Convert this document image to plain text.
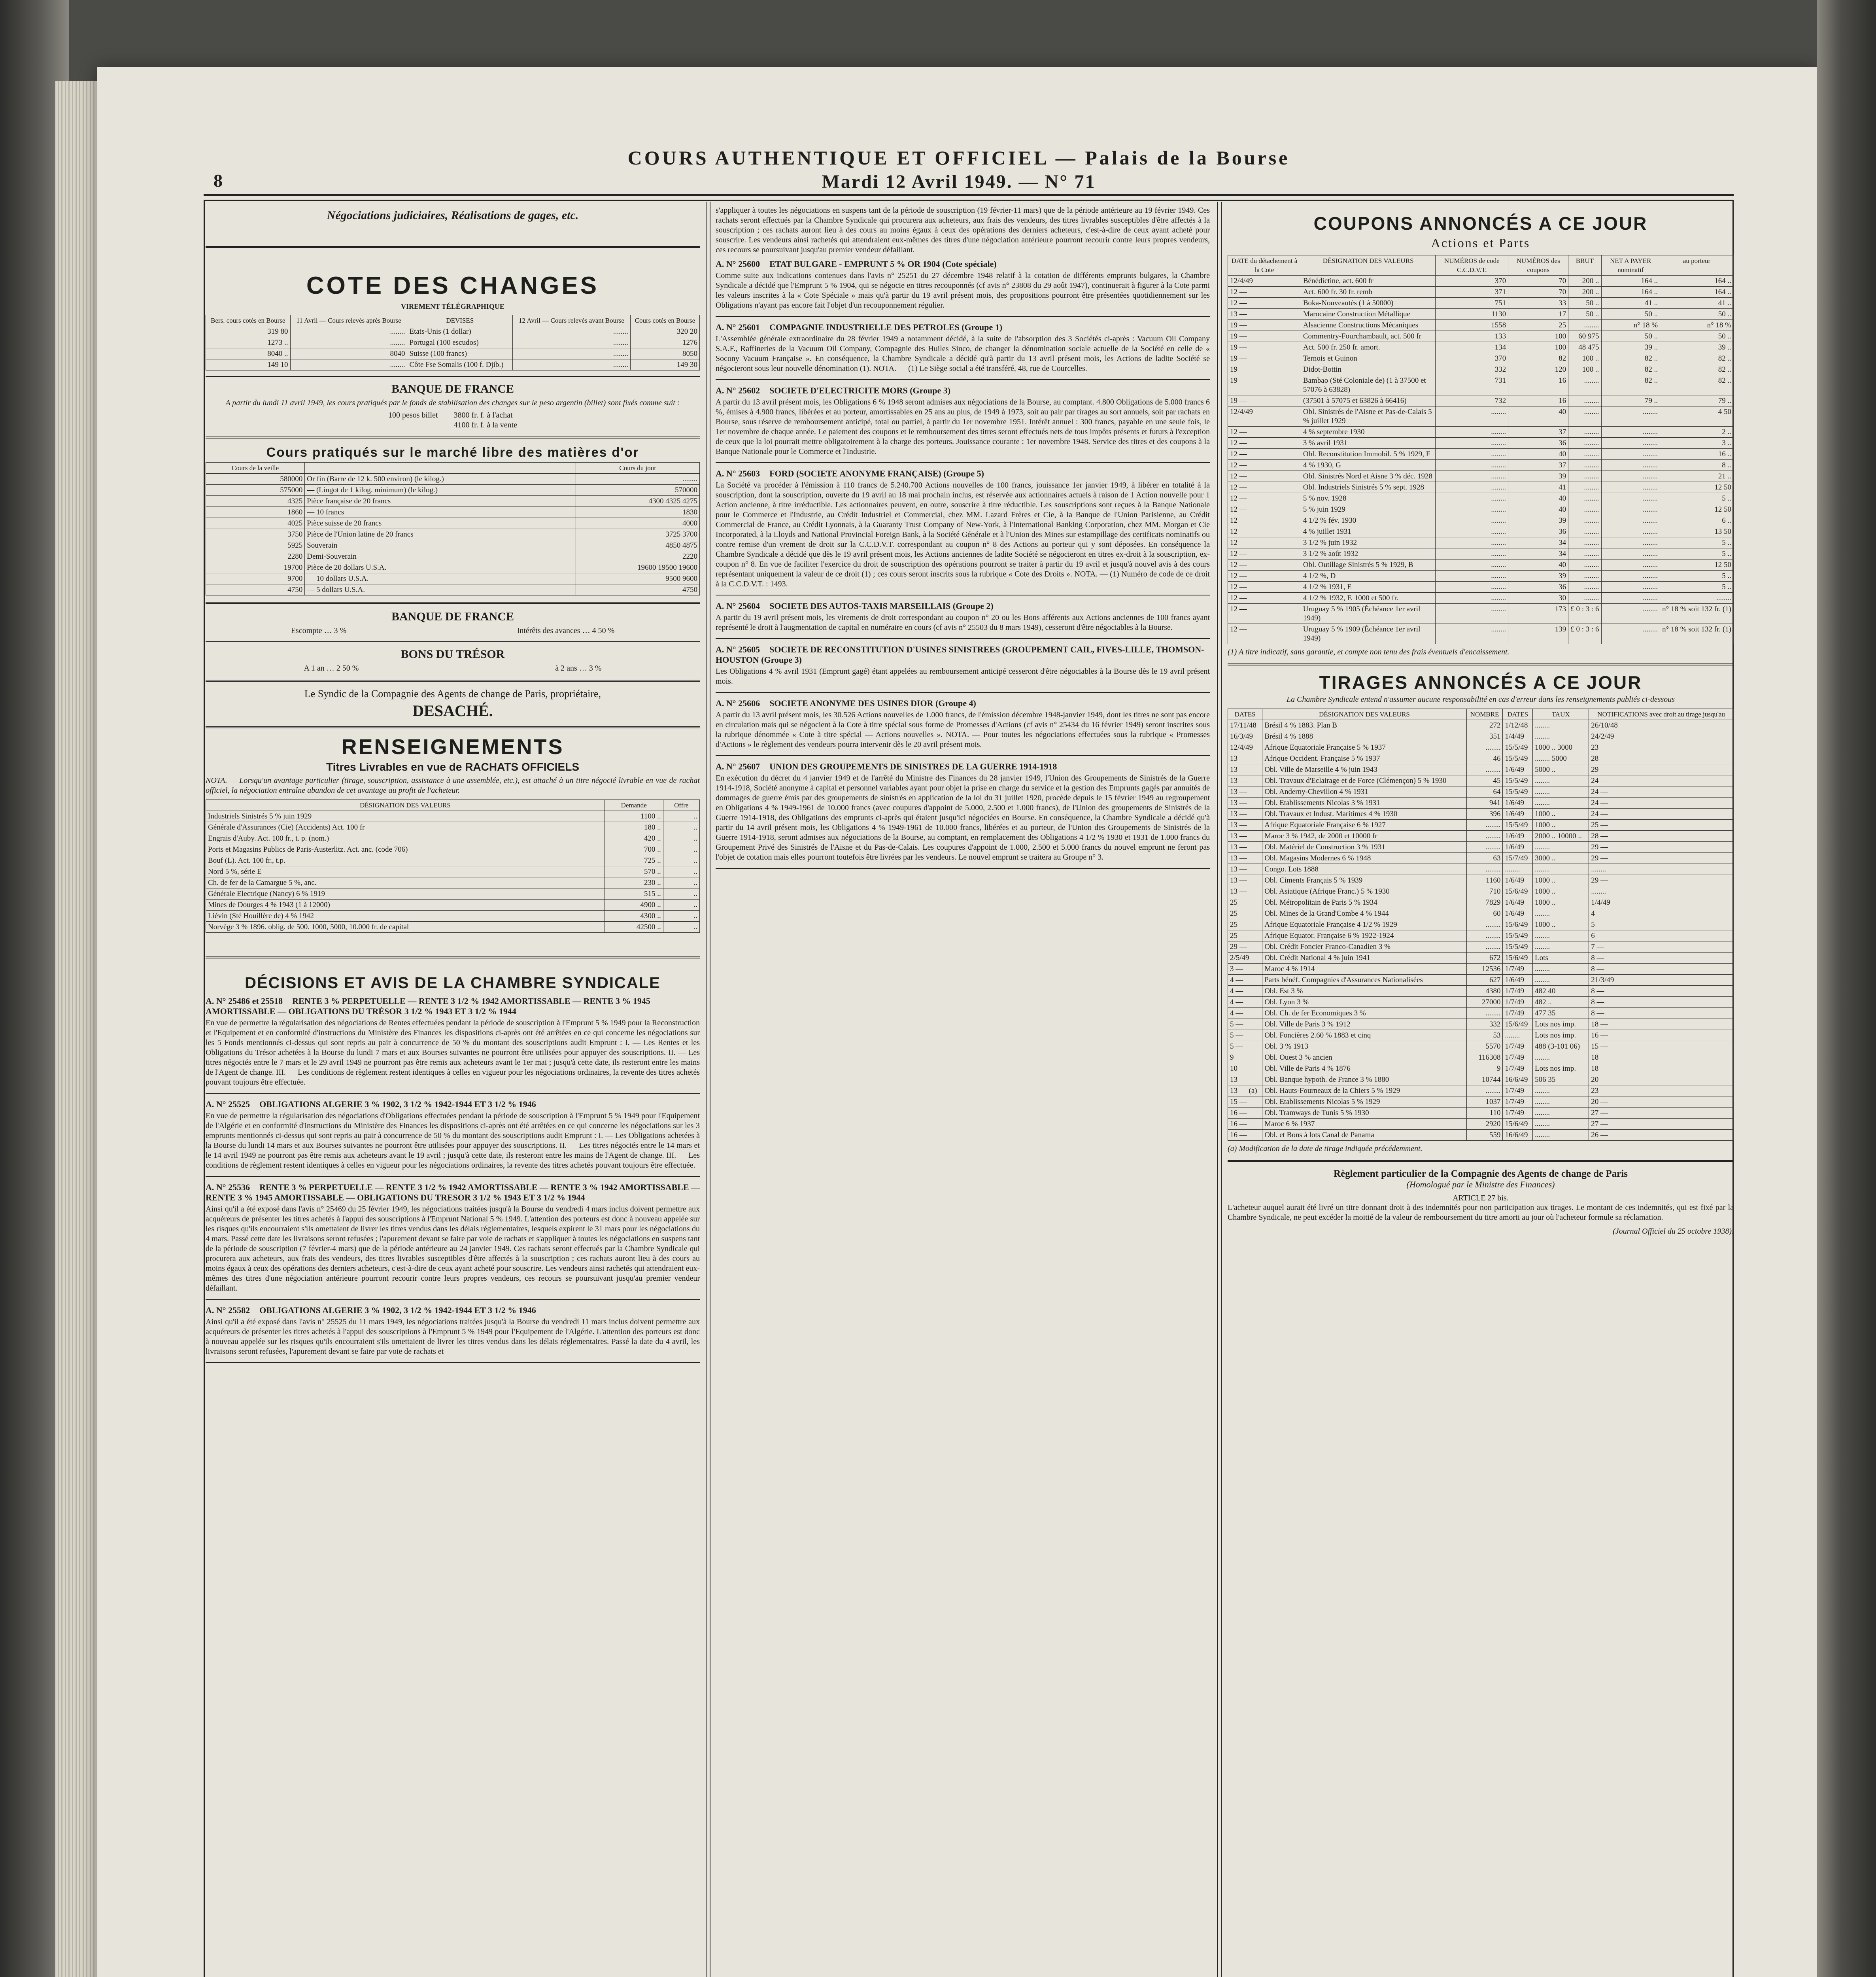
8
COURS AUTHENTIQUE ET OFFICIEL — Palais de la Bourse
Mardi 12 Avril 1949. — N° 71
Négociations judiciaires, Réalisations de gages, etc.
COTE DES CHANGES
VIREMENT TÉLÉGRAPHIQUE
Bers. cours cotés en Bourse	11 Avril — Cours relevés après Bourse	DEVISES	12 Avril — Cours relevés avant Bourse	Cours cotés en Bourse
319 80	........	Etats-Unis (1 dollar)	........	320 20
1273 ..	........	Portugal (100 escudos)	........	1276
8040 ..	8040	Suisse (100 francs)	........	8050
149 10	........	Côte Fse Somalis (100 f. Djib.)	........	149 30
BANQUE DE FRANCE
A partir du lundi 11 avril 1949, les cours pratiqués par le fonds de stabilisation des changes sur le peso argentin (billet) sont fixés comme suit :
100 pesos billet 3800 fr. f. à l'achat
4100 fr. f. à la vente
Cours pratiqués sur le marché libre des matières d'or
Cours de la veille		Cours du jour
580000	Or fin (Barre de 12 k. 500 environ) (le kilog.)	........
575000	— (Lingot de 1 kilog. minimum) (le kilog.)	570000
4325	Pièce française de 20 francs	4300 4325 4275
1860	— 10 francs	1830
4025	Pièce suisse de 20 francs	4000
3750	Pièce de l'Union latine de 20 francs	3725 3700
5925	Souverain	4850 4875
2280	Demi-Souverain	2220
19700	Pièce de 20 dollars U.S.A.	19600 19500 19600
9700	— 10 dollars U.S.A.	9500 9600
4750	— 5 dollars U.S.A.	4750
BANQUE DE FRANCE
Escompte … 3 %	Intérêts des avances … 4 50 %
BONS DU TRÉSOR
A 1 an … 2 50 %	à 2 ans … 3 %
Le Syndic de la Compagnie des Agents de change de Paris, propriétaire,
DESACHÉ.
RENSEIGNEMENTS
Titres Livrables en vue de RACHATS OFFICIELS
NOTA. — Lorsqu'un avantage particulier (tirage, souscription, assistance à une assemblée, etc.), est attaché à un titre négocié livrable en vue de rachat officiel, la négociation entraîne abandon de cet avantage au profit de l'acheteur.
DÉSIGNATION DES VALEURS	Demande	Offre
Industriels Sinistrés 5 % juin 1929	1100 ..	..
Générale d'Assurances (Cie) (Accidents) Act. 100 fr	180 ..	..
Engrais d'Auby. Act. 100 fr., t. p. (nom.)	420 ..	..
Ports et Magasins Publics de Paris-Austerlitz. Act. anc. (code 706)	700 ..	..
Bouf (L). Act. 100 fr., t.p.	725 ..	..
Nord 5 %, série E	570 ..	..
Ch. de fer de la Camargue 5 %, anc.	230 ..	..
Générale Electrique (Nancy) 6 % 1919	515 ..	..
Mines de Dourges 4 % 1943 (1 à 12000)	4900 ..	..
Liévin (Sté Houillère de) 4 % 1942	4300 ..	..
Norvège 3 % 1896. oblig. de 500. 1000, 5000, 10.000 fr. de capital	42500 ..	..
DÉCISIONS ET AVIS DE LA CHAMBRE SYNDICALE
A. N° 25486 et 25518 RENTE 3 % PERPETUELLE — RENTE 3 1/2 % 1942 AMORTISSABLE — RENTE 3 % 1945 AMORTISSABLE — OBLIGATIONS DU TRÉSOR 3 1/2 % 1943 ET 3 1/2 % 1944

En vue de permettre la régularisation des négociations de Rentes effectuées pendant la période de souscription à l'Emprunt 5 % 1949 pour la Reconstruction et l'Equipement et en conformité d'instructions du Ministère des Finances les dispositions ci-après ont été arrêtées en ce qui concerne les négociations sur les 5 Fonds mentionnés ci-dessus qui sont repris au pair à concurrence de 50 % du montant des souscriptions audit Emprunt : I. — Les Rentes et les Obligations du Trésor achetées à la Bourse du lundi 7 mars et aux Bourses suivantes ne pourront être utilisées pour appuyer des souscriptions. II. — Les titres négociés entre le 7 mars et le 29 avril 1949 ne pourront pas être remis aux acheteurs avant le 1er mai ; jusqu'à cette date, ils resteront entre les mains de l'Agent de change. III. — Les conditions de règlement restent identiques à celles en vigueur pour les négociations ordinaires, la revente des titres achetés pouvant toujours être effectuée.

A. N° 25525 OBLIGATIONS ALGERIE 3 % 1902, 3 1/2 % 1942-1944 ET 3 1/2 % 1946

En vue de permettre la régularisation des négociations d'Obligations effectuées pendant la période de souscription à l'Emprunt 5 % 1949 pour l'Equipement de l'Algérie et en conformité d'instructions du Ministère des Finances les dispositions ci-après ont été arrêtées en ce qui concerne les négociations sur les 3 emprunts mentionnés ci-dessus qui sont repris au pair à concurrence de 50 % du montant des souscriptions audit Emprunt : I. — Les Obligations achetées à la Bourse du lundi 14 mars et aux Bourses suivantes ne pourront être utilisées pour appuyer des souscriptions. II. — Les titres négociés entre le 14 mars et le 14 avril 1949 ne pourront pas être remis aux acheteurs avant le 19 avril ; jusqu'à cette date, ils resteront entre les mains de l'Agent de change. III. — Les conditions de règlement restent identiques à celles en vigueur pour les négociations ordinaires, la revente des titres achetés pouvant toujours être effectuée.

A. N° 25536 RENTE 3 % PERPETUELLE — RENTE 3 1/2 % 1942 AMORTISSABLE — RENTE 3 % 1942 AMORTISSABLE — RENTE 3 % 1945 AMORTISSABLE — OBLIGATIONS DU TRESOR 3 1/2 % 1943 ET 3 1/2 % 1944

Ainsi qu'il a été exposé dans l'avis n° 25469 du 25 février 1949, les négociations traitées jusqu'à la Bourse du vendredi 4 mars inclus doivent permettre aux acquéreurs de présenter les titres achetés à l'appui des souscriptions à l'Emprunt National 5 % 1949. L'attention des porteurs est donc à nouveau appelée sur les risques qu'ils encourraient s'ils omettaient de livrer les titres vendus dans les délais réglementaires, lesquels expirent le 31 mars pour les négociations du 4 mars. Passé cette date les livraisons seront refusées ; l'apurement devant se faire par voie de rachats et s'appliquer à toutes les négociations en suspens tant de la période de souscription (7 février-4 mars) que de la période antérieure au 24 janvier 1949. Ces rachats seront effectués par la Chambre Syndicale qui procurera aux acheteurs, aux frais des vendeurs, des titres livrables susceptibles d'être affectés à la souscription ; ces rachats auront lieu à des cours au moins égaux à ceux des opérations des derniers acheteurs, c'est-à-dire de ceux ayant acheté pour souscrire. Les vendeurs ainsi rachetés qui attendraient eux-mêmes des titres d'une négociation antérieure pourront recourir contre leurs propres vendeurs, ces recours se poursuivant jusqu'au premier vendeur défaillant.

A. N° 25582 OBLIGATIONS ALGERIE 3 % 1902, 3 1/2 % 1942-1944 ET 3 1/2 % 1946

Ainsi qu'il a été exposé dans l'avis n° 25525 du 11 mars 1949, les négociations traitées jusqu'à la Bourse du vendredi 11 mars inclus doivent permettre aux acquéreurs de présenter les titres achetés à l'appui des souscriptions à l'Emprunt 5 % 1949 pour l'Equipement de l'Algérie. L'attention des porteurs est donc à nouveau appelée sur les risques qu'ils encourraient s'ils omettaient de livrer les titres vendus dans les délais réglementaires. Passé la date du 4 avril, les livraisons seront refusées, l'apurement devant se faire par voie de rachats et

s'appliquer à toutes les négociations en suspens tant de la période de souscription (19 février-11 mars) que de la période antérieure au 19 février 1949. Ces rachats seront effectués par la Chambre Syndicale qui procurera aux acheteurs, aux frais des vendeurs, des titres livrables susceptibles d'être affectés à la souscription ; ces rachats auront lieu à des cours au moins égaux à ceux des opérations des derniers acheteurs, c'est-à-dire de ceux ayant acheté pour souscrire. Les vendeurs ainsi rachetés qui attendraient eux-mêmes des titres d'une négociation antérieure pourront recourir contre leurs propres vendeurs, ces recours se poursuivant jusqu'au premier vendeur défaillant.

A. N° 25600 ETAT BULGARE - EMPRUNT 5 % OR 1904 (Cote spéciale)

Comme suite aux indications contenues dans l'avis n° 25251 du 27 décembre 1948 relatif à la cotation de différents emprunts bulgares, la Chambre Syndicale a décidé que l'Emprunt 5 % 1904, qui se négocie en titres recouponnés (cf avis n° 23808 du 29 août 1947), continuerait à figurer à la Cote parmi les valeurs inscrites à la « Cote Spéciale » mais qu'à partir du 19 avril présent mois, des propositions pourront être présentées quotidiennement sur les Obligations n'ayant pas encore fait l'objet d'un recouponnement régulier.

A. N° 25601 COMPAGNIE INDUSTRIELLE DES PETROLES (Groupe 1)

L'Assemblée générale extraordinaire du 28 février 1949 a notamment décidé, à la suite de l'absorption des 3 Sociétés ci-après : Vacuum Oil Company S.A.F., Raffineries de la Vacuum Oil Company, Compagnie des Huiles Sinco, de changer la dénomination sociale actuelle de la Société en celle de « Socony Vacuum Française ». En conséquence, la Chambre Syndicale a décidé qu'à partir du 13 avril présent mois, les Actions de ladite Société se négocieront sous leur nouvelle dénomination (1). NOTA. — (1) Le Siège social a été transféré, 48, rue de Courcelles.

A. N° 25602 SOCIETE D'ELECTRICITE MORS (Groupe 3)

A partir du 13 avril présent mois, les Obligations 6 % 1948 seront admises aux négociations de la Bourse, au comptant. 4.800 Obligations de 5.000 francs 6 %, émises à 4.900 francs, libérées et au porteur, amortissables en 25 ans au plus, de 1949 à 1973, soit au pair par tirages au sort annuels, soit par rachats en Bourse, sous réserve de remboursement anticipé, total ou partiel, à partir du 1er novembre 1951. Intérêt annuel : 300 francs, payable en une seule fois, le 1er novembre de chaque année. Le paiement des coupons et le remboursement des titres seront effectués nets de tous impôts présents et futurs à l'exception de ceux que la loi pourrait mettre obligatoirement à la charge des porteurs. Jouissance courante : 1er novembre 1948. Service des titres et des coupons à la Banque Nationale pour le Commerce et l'Industrie.

A. N° 25603 FORD (SOCIETE ANONYME FRANÇAISE) (Groupe 5)

La Société va procéder à l'émission à 110 francs de 5.240.700 Actions nouvelles de 100 francs, jouissance 1er janvier 1949, à libérer en totalité à la souscription, dont la souscription, ouverte du 19 avril au 18 mai prochain inclus, est réservée aux actionnaires actuels à raison de 1 Action nouvelle pour 1 Action ancienne, à titre irréductible. Les actionnaires peuvent, en outre, souscrire à titre réductible. Les souscriptions sont reçues à la Banque Nationale pour le Commerce et l'Industrie, au Crédit Industriel et Commercial, chez MM. Lazard Frères et Cie, à la Banque de l'Union Parisienne, au Crédit Commercial de France, au Crédit Lyonnais, à la Guaranty Trust Company of New-York, à l'International Banking Corporation, chez MM. Morgan et Cie Incorporated, à la Lloyds and National Provincial Foreign Bank, à la Société Générale et à l'Union des Mines sur estampillage des certificats nominatifs ou contre remise d'un vrement de droit sur la C.C.D.V.T. correspondant au coupon n° 8 des Actions au porteur qui y sont déposées. En conséquence la Chambre Syndicale a décidé que dès le 19 avril présent mois, les Actions anciennes de ladite Société se négocieront en titres ex-droit à la souscription, ex-coupon n° 8. En vue de faciliter l'exercice du droit de souscription des opérations pourront se traiter à partir du 19 avril et jusqu'à nouvel avis à des cours représentant uniquement la valeur de ce droit (1) ; ces cours seront inscrits sous la rubrique « Cote des Droits ». NOTA. — (1) Numéro de code de ce droit à la C.C.D.V.T. : 1493.

A. N° 25604 SOCIETE DES AUTOS-TAXIS MARSEILLAIS (Groupe 2)

A partir du 19 avril présent mois, les virements de droit correspondant au coupon n° 20 ou les Bons afférents aux Actions anciennes de 100 francs ayant représenté le droit à l'augmentation de capital en numéraire en cours (cf avis n° 25503 du 8 mars 1949), cesseront d'être négociables à la Bourse.

A. N° 25605 SOCIETE DE RECONSTITUTION D'USINES SINISTREES (GROUPEMENT CAIL, FIVES-LILLE, THOMSON-HOUSTON (Groupe 3)

Les Obligations 4 % avril 1931 (Emprunt gagé) étant appelées au remboursement anticipé cesseront d'être négociables à la Bourse dès le 19 avril présent mois.

A. N° 25606 SOCIETE ANONYME DES USINES DIOR (Groupe 4)

A partir du 13 avril présent mois, les 30.526 Actions nouvelles de 1.000 francs, de l'émission décembre 1948-janvier 1949, dont les titres ne sont pas encore en circulation mais qui se négocient à la Cote à titre spécial sous forme de Promesses d'Actions (cf avis n° 25434 du 16 février 1949) seront inscrites sous la rubrique dénommée « Cote à titre spécial — Actions nouvelles ». NOTA. — Pour toutes les négociations effectuées sous la rubrique « Promesses d'Actions » le règlement des vendeurs pourra intervenir dès le 20 avril présent mois.

A. N° 25607 UNION DES GROUPEMENTS DE SINISTRES DE LA GUERRE 1914-1918

En exécution du décret du 4 janvier 1949 et de l'arrêté du Ministre des Finances du 28 janvier 1949, l'Union des Groupements de Sinistrés de la Guerre 1914-1918, Société anonyme à capital et personnel variables ayant pour objet la prise en charge du service et la gestion des Emprunts gagés par annuités de dommages de guerre émis par des groupements de sinistrés en application de la loi du 31 juillet 1920, procède depuis le 15 février 1949 au regroupement en Obligations 4 % 1949-1961 de 10.000 francs (avec coupures d'appoint de 5.000, 2.500 et 1.000 francs), de l'Union des groupements de Sinistrés de la Guerre 1914-1918, des Obligations des emprunts ci-après qui étaient jusqu'ici négociées en Bourse. En conséquence, la Chambre Syndicale a décidé qu'à partir du 14 avril présent mois, les Obligations 4 % 1949-1961 de 10.000 francs, libérées et au porteur, de l'Union des Groupements de Sinistrés de la Guerre 1914-1918, seront admises aux négociations de la Bourse, au comptant, en remplacement des Obligations 4 1/2 % 1930 et 1931 de 1.000 francs du Groupement Privé des Sinistrés de l'Aisne et du Pas-de-Calais. Les coupures d'appoint de 1.000, 2.500 et 5.000 francs du nouvel emprunt ne feront pas l'objet de cotation mais elles pourront toutefois être livrées par les vendeurs. Le nouvel emprunt se traitera au Groupe n° 3.

COUPONS ANNONCÉS A CE JOUR
Actions et Parts
DATE du détachement à la Cote	DÉSIGNATION DES VALEURS	NUMÉROS de code C.C.D.V.T.	NUMÉROS des coupons	BRUT	NET A PAYER nominatif	au porteur
12/4/49	Bénédictine, act. 600 fr	370	70	200 ..	164 ..	164 ..
12 —	Act. 600 fr. 30 fr. remb	371	70	200 ..	164 ..	164 ..
12 —	Boka-Nouveautés (1 à 50000)	751	33	50 ..	41 ..	41 ..
13 —	Marocaine Construction Métallique	1130	17	50 ..	50 ..	50 ..
19 —	Alsacienne Constructions Mécaniques	1558	25	........	n° 18 %	n° 18 %
19 —	Commentry-Fourchambault, act. 500 fr	133	100	60 975	50 ..	50 ..
19 —	Act. 500 fr. 250 fr. amort.	134	100	48 475	39 ..	39 ..
19 —	Ternois et Guinon	370	82	100 ..	82 ..	82 ..
19 —	Didot-Bottin	332	120	100 ..	82 ..	82 ..
19 —	Bambao (Sté Coloniale de) (1 à 37500 et 57076 à 63828)	731	16	........	82 ..	82 ..
19 —	(37501 à 57075 et 63826 à 66416)	732	16	........	79 ..	79 ..
12/4/49	Obl. Sinistrés de l'Aisne et Pas-de-Calais 5 % juillet 1929	........	40	........	........	4 50
12 —	4 % septembre 1930	........	37	........	........	2 ..
12 —	3 % avril 1931	........	36	........	........	3 ..
12 —	Obl. Reconstitution Immobil. 5 % 1929, F	........	40	........	........	16 ..
12 —	4 % 1930, G	........	37	........	........	8 ..
12 —	Obl. Sinistrés Nord et Aisne 3 % déc. 1928	........	39	........	........	21 ..
12 —	Obl. Industriels Sinistrés 5 % sept. 1928	........	41	........	........	12 50
12 —	5 % nov. 1928	........	40	........	........	5 ..
12 —	5 % juin 1929	........	40	........	........	12 50
12 —	4 1/2 % fév. 1930	........	39	........	........	6 ..
12 —	4 % juillet 1931	........	36	........	........	13 50
12 —	3 1/2 % juin 1932	........	34	........	........	5 ..
12 —	3 1/2 % août 1932	........	34	........	........	5 ..
12 —	Obl. Outillage Sinistrés 5 % 1929, B	........	40	........	........	12 50
12 —	4 1/2 %, D	........	39	........	........	5 ..
12 —	4 1/2 % 1931, E	........	36	........	........	5 ..
12 —	4 1/2 % 1932, F. 1000 et 500 fr.	........	30	........	........	........
12 —	Uruguay 5 % 1905 (Échéance 1er avril 1949)	........	173	£ 0 : 3 : 6	........	n° 18 % soit 132 fr. (1)
12 —	Uruguay 5 % 1909 (Échéance 1er avril 1949)	........	139	£ 0 : 3 : 6	........	n° 18 % soit 132 fr. (1)
(1) A titre indicatif, sans garantie, et compte non tenu des frais éventuels d'encaissement.
TIRAGES ANNONCÉS A CE JOUR
La Chambre Syndicale entend n'assumer aucune responsabilité en cas d'erreur dans les renseignements publiés ci-dessous
DATES	DÉSIGNATION DES VALEURS	NOMBRE	DATES	TAUX	NOTIFICATIONS avec droit au tirage jusqu'au
17/11/48	Brésil 4 % 1883. Plan B	272	1/12/48	........	26/10/48
16/3/49	Brésil 4 % 1888	351	1/4/49	........	24/2/49
12/4/49	Afrique Equatoriale Française 5 % 1937	........	15/5/49	1000 .. 3000	23 —
13 —	Afrique Occident. Française 5 % 1937	46	15/5/49	........ 5000	28 —
13 —	Obl. Ville de Marseille 4 % juin 1943	........	1/6/49	5000 ..	29 —
13 —	Obl. Travaux d'Eclairage et de Force (Clémençon) 5 % 1930	45	15/5/49	........	24 —
13 —	Obl. Anderny-Chevillon 4 % 1931	64	15/5/49	........	24 —
13 —	Obl. Etablissements Nicolas 3 % 1931	941	1/6/49	........	24 —
13 —	Obl. Travaux et Indust. Maritimes 4 % 1930	396	1/6/49	1000 ..	24 —
13 —	Afrique Equatoriale Française 6 % 1927	........	15/5/49	1000 ..	25 —
13 —	Maroc 3 % 1942, de 2000 et 10000 fr	........	1/6/49	2000 .. 10000 ..	28 —
13 —	Obl. Matériel de Construction 3 % 1931	........	1/6/49	........	29 —
13 —	Obl. Magasins Modernes 6 % 1948	63	15/7/49	3000 ..	29 —
13 —	Congo. Lots 1888	........	........	........	........
13 —	Obl. Ciments Français 5 % 1939	1160	1/6/49	1000 ..	29 —
13 —	Obl. Asiatique (Afrique Franc.) 5 % 1930	710	15/6/49	1000 ..	........
25 —	Obl. Métropolitain de Paris 5 % 1934	7829	1/6/49	1000 ..	1/4/49
25 —	Obl. Mines de la Grand'Combe 4 % 1944	60	1/6/49	........	4 —
25 —	Afrique Equatoriale Française 4 1/2 % 1929	........	15/6/49	1000 ..	5 —
25 —	Afrique Equator. Française 6 % 1922-1924	........	15/5/49	........	6 —
29 —	Obl. Crédit Foncier Franco-Canadien 3 %	........	15/5/49	........	7 —
2/5/49	Obl. Crédit National 4 % juin 1941	672	15/6/49	Lots	8 —
3 —	Maroc 4 % 1914	12536	1/7/49	........	8 —
4 —	Parts bénéf. Compagnies d'Assurances Nationalisées	627	1/6/49	........	21/3/49
4 —	Obl. Est 3 %	4380	1/7/49	482 40	8 —
4 —	Obl. Lyon 3 %	27000	1/7/49	482 ..	8 —
4 —	Obl. Ch. de fer Economiques 3 %	........	1/7/49	477 35	8 —
5 —	Obl. Ville de Paris 3 % 1912	332	15/6/49	Lots nos imp.	18 —
5 —	Obl. Foncières 2.60 % 1883 et cinq	53	........	Lots nos imp.	16 —
5 —	Obl. 3 % 1913	5570	1/7/49	488 (3-101 06)	15 —
9 —	Obl. Ouest 3 % ancien	116308	1/7/49	........	18 —
10 —	Obl. Ville de Paris 4 % 1876	9	1/7/49	Lots nos imp.	18 —
13 —	Obl. Banque hypoth. de France 3 % 1880	10744	16/6/49	506 35	20 —
13 — (a)	Obl. Hauts-Fourneaux de la Chiers 5 % 1929	........	1/7/49	........	23 —
15 —	Obl. Etablissements Nicolas 5 % 1929	1037	1/7/49	........	20 —
16 —	Obl. Tramways de Tunis 5 % 1930	110	1/7/49	........	27 —
16 —	Maroc 6 % 1937	2920	15/6/49	........	27 —
16 —	Obl. et Bons à lots Canal de Panama	559	16/6/49	........	26 —
(a) Modification de la date de tirage indiquée précédemment.
Règlement particulier de la Compagnie des Agents de change de Paris
(Homologué par le Ministre des Finances)
ARTICLE 27 bis.

L'acheteur auquel aurait été livré un titre donnant droit à des indemnités pour non participation aux tirages. Le montant de ces indemnités, qui est fixé par la Chambre Syndicale, ne peut excéder la moitié de la valeur de remboursement du titre amorti au jour où l'acheteur formule sa réclamation.

(Journal Officiel du 25 octobre 1938).
